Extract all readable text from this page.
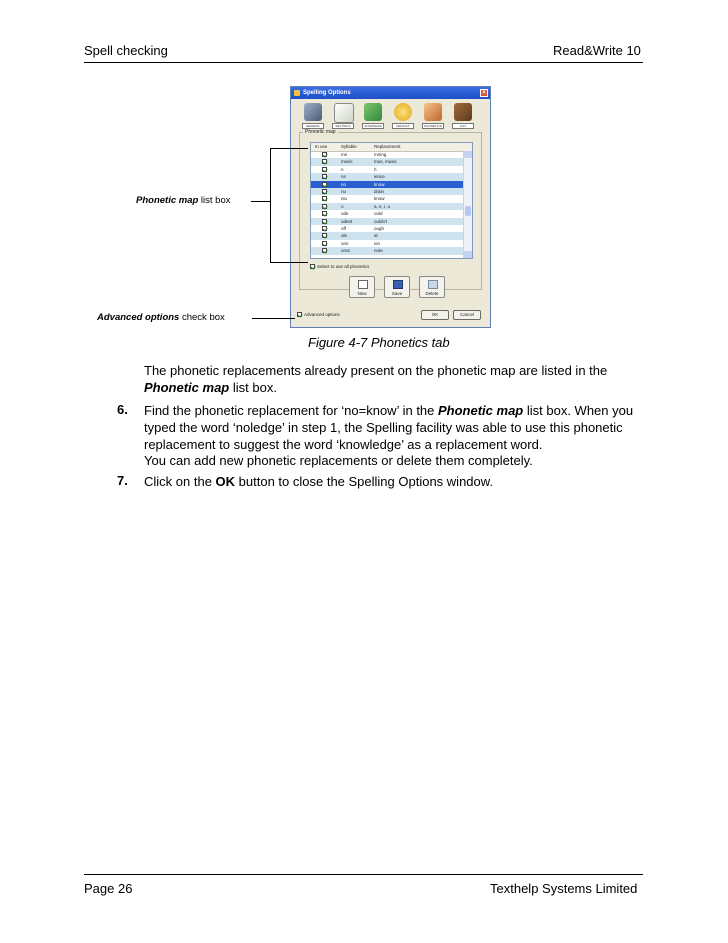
Spell checking	Read&Write 10
Spelling Options	×
GENERAL	SETTINGS	ALTERNATE	DEFAULT	PHONETICS	LIST
Phonetic map
In use	Syllable	Replacement
mn	mning
mosic	mus, music
n	h
ns	ience
no	know
nu	drain
niu	know
o	a, e, i, u
ode	ould
odent	ouldn't
off	ough
ole	al
onn	ion
onot	note
Select to use all phonetics
New	Save	Delete
Advanced options	OK	Cancel
Phonetic map list box
Advanced options check box
Figure 4-7 Phonetics tab
The phonetic replacements already present on the phonetic map are listed in the Phonetic map list box.
6. Find the phonetic replacement for ‘no=know’ in the Phonetic map list box. When you typed the word ‘noledge’ in step 1, the Spelling facility was able to use this phonetic replacement to suggest the word ‘knowledge’ as a replacement word.
You can add new phonetic replacements or delete them completely.
7. Click on the OK button to close the Spelling Options window.
Page 26	Texthelp Systems Limited
